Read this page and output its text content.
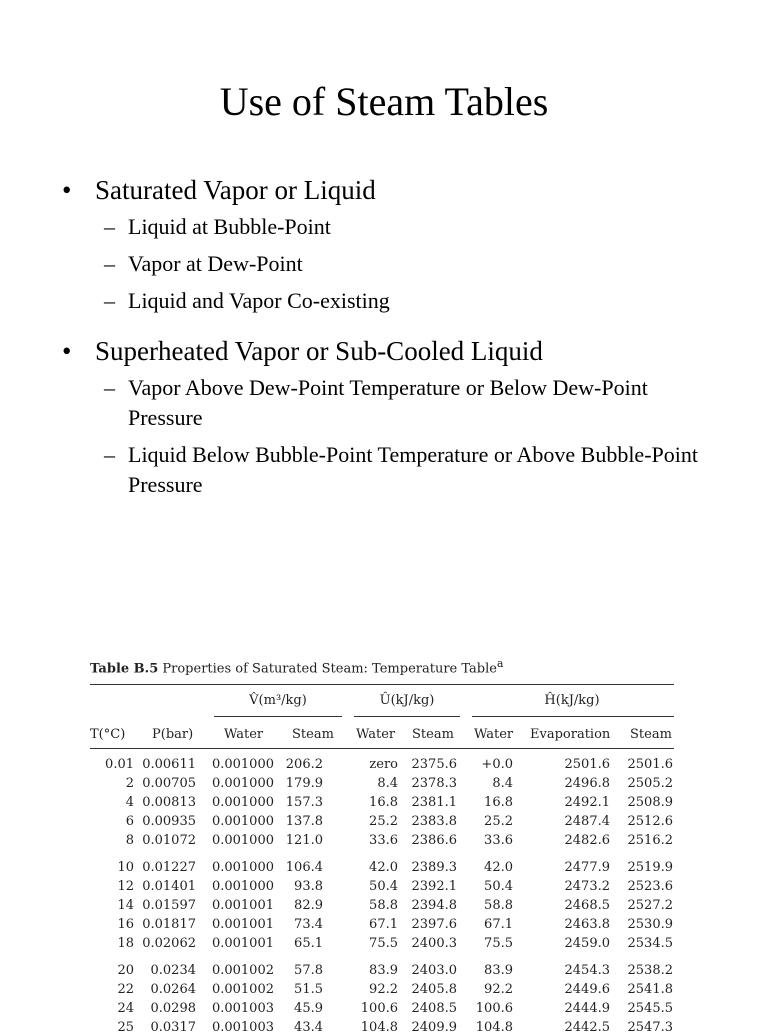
Use of Steam Tables
• Saturated Vapor or Liquid
– Liquid at Bubble-Point
– Vapor at Dew-Point
– Liquid and Vapor Co-existing
• Superheated Vapor or Sub-Cooled Liquid
– Vapor Above Dew-Point Temperature or Below Dew-Point Pressure
– Liquid Below Bubble-Point Temperature or Above Bubble-Point Pressure
Table B.5 Properties of Saturated Steam: Temperature Table$^a$
V̂(m³/kg)	Û(kJ/kg)	Ĥ(kJ/kg)
T(°C) P(bar) Water Steam Water Steam Water Evaporation Steam
0.01 0.00611	0.001000 206.2	zero 2375.6	+0.0	2501.6 2501.6
2 0.00705	0.001000 179.9	8.4 2378.3	8.4	2496.8 2505.2
4 0.00813	0.001000 157.3	16.8 2381.1	16.8	2492.1 2508.9
6 0.00935	0.001000 137.8	25.2 2383.8	25.2	2487.4 2512.6
8 0.01072	0.001000 121.0	33.6 2386.6	33.6	2482.6 2516.2
10 0.01227	0.001000 106.4	42.0 2389.3	42.0	2477.9 2519.9
12 0.01401	0.001000	93.8	50.4 2392.1	50.4	2473.2 2523.6
14 0.01597	0.001001	82.9	58.8 2394.8	58.8	2468.5 2527.2
16 0.01817	0.001001	73.4	67.1 2397.6	67.1	2463.8 2530.9
18 0.02062	0.001001	65.1	75.5 2400.3	75.5	2459.0 2534.5
20	0.0234	0.001002	57.8	83.9 2403.0	83.9	2454.3 2538.2
22	0.0264	0.001002	51.5	92.2 2405.8	92.2	2449.6 2541.8
24	0.0298	0.001003	45.9	100.6 2408.5	100.6	2444.9 2545.5
25	0.0317	0.001003	43.4	104.8 2409.9	104.8	2442.5 2547.3
